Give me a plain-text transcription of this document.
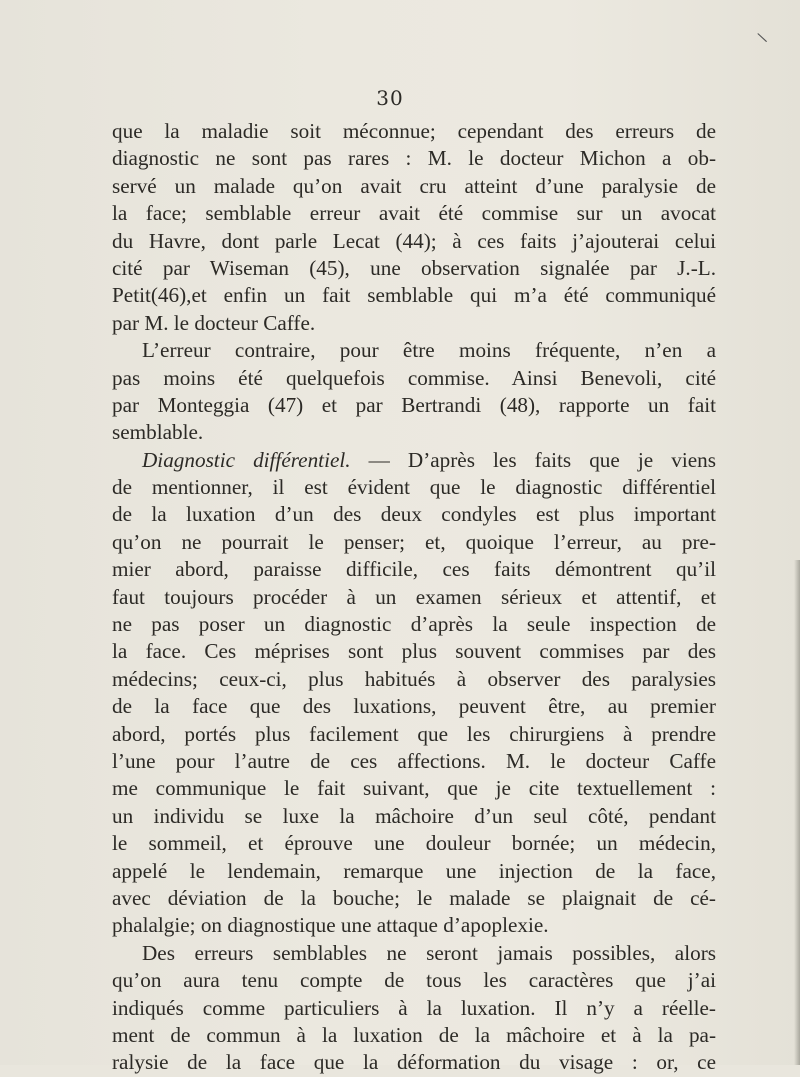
\
30
que la maladie soit méconnue; cependant des erreurs de
diagnostic ne sont pas rares : M. le docteur Michon a ob-
servé un malade qu’on avait cru atteint d’une paralysie de
la face; semblable erreur avait été commise sur un avocat
du Havre, dont parle Lecat (44); à ces faits j’ajouterai celui
cité par Wiseman (45), une observation signalée par J.-L.
Petit(46),et enfin un fait semblable qui m’a été communiqué
par M. le docteur Caffe.
L’erreur contraire, pour être moins fréquente, n’en a
pas moins été quelquefois commise. Ainsi Benevoli, cité
par Monteggia (47) et par Bertrandi (48), rapporte un fait
semblable.
Diagnostic différentiel. — D’après les faits que je viens
de mentionner, il est évident que le diagnostic différentiel
de la luxation d’un des deux condyles est plus important
qu’on ne pourrait le penser; et, quoique l’erreur, au pre-
mier abord, paraisse difficile, ces faits démontrent qu’il
faut toujours procéder à un examen sérieux et attentif, et
ne pas poser un diagnostic d’après la seule inspection de
la face. Ces méprises sont plus souvent commises par des
médecins; ceux-ci, plus habitués à observer des paralysies
de la face que des luxations, peuvent être, au premier
abord, portés plus facilement que les chirurgiens à prendre
l’une pour l’autre de ces affections. M. le docteur Caffe
me communique le fait suivant, que je cite textuellement :
un individu se luxe la mâchoire d’un seul côté, pendant
le sommeil, et éprouve une douleur bornée; un médecin,
appelé le lendemain, remarque une injection de la face,
avec déviation de la bouche; le malade se plaignait de cé-
phalalgie; on diagnostique une attaque d’apoplexie.
Des erreurs semblables ne seront jamais possibles, alors
qu’on aura tenu compte de tous les caractères que j’ai
indiqués comme particuliers à la luxation. Il n’y a réelle-
ment de commun à la luxation de la mâchoire et à la pa-
ralysie de la face que la déformation du visage : or, ce
